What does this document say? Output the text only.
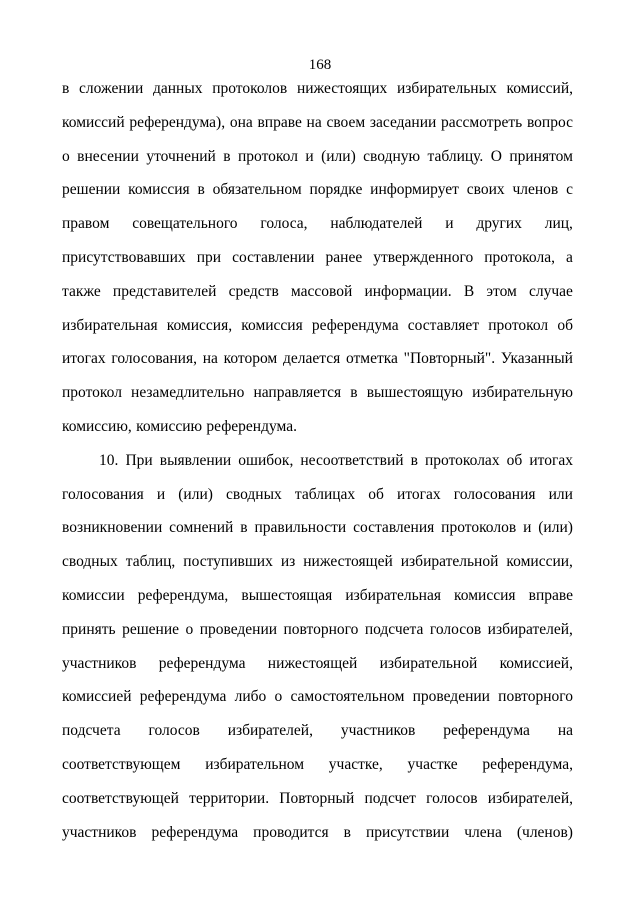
168
в сложении данных протоколов нижестоящих избирательных комиссий,
комиссий референдума), она вправе на своем заседании рассмотреть вопрос
о внесении уточнений в протокол и (или) сводную таблицу. О принятом
решении комиссия в обязательном порядке информирует своих членов с
правом совещательного голоса, наблюдателей и других лиц,
присутствовавших при составлении ранее утвержденного протокола, а
также представителей средств массовой информации. В этом случае
избирательная комиссия, комиссия референдума составляет протокол об
итогах голосования, на котором делается отметка "Повторный". Указанный
протокол незамедлительно направляется в вышестоящую избирательную
комиссию, комиссию референдума.
10. При выявлении ошибок, несоответствий в протоколах об итогах
голосования и (или) сводных таблицах об итогах голосования или
возникновении сомнений в правильности составления протоколов и (или)
сводных таблиц, поступивших из нижестоящей избирательной комиссии,
комиссии референдума, вышестоящая избирательная комиссия вправе
принять решение о проведении повторного подсчета голосов избирателей,
участников референдума нижестоящей избирательной комиссией,
комиссией референдума либо о самостоятельном проведении повторного
подсчета голосов избирателей, участников референдума на
соответствующем избирательном участке, участке референдума,
соответствующей территории. Повторный подсчет голосов избирателей,
участников референдума проводится в присутствии члена (членов)
